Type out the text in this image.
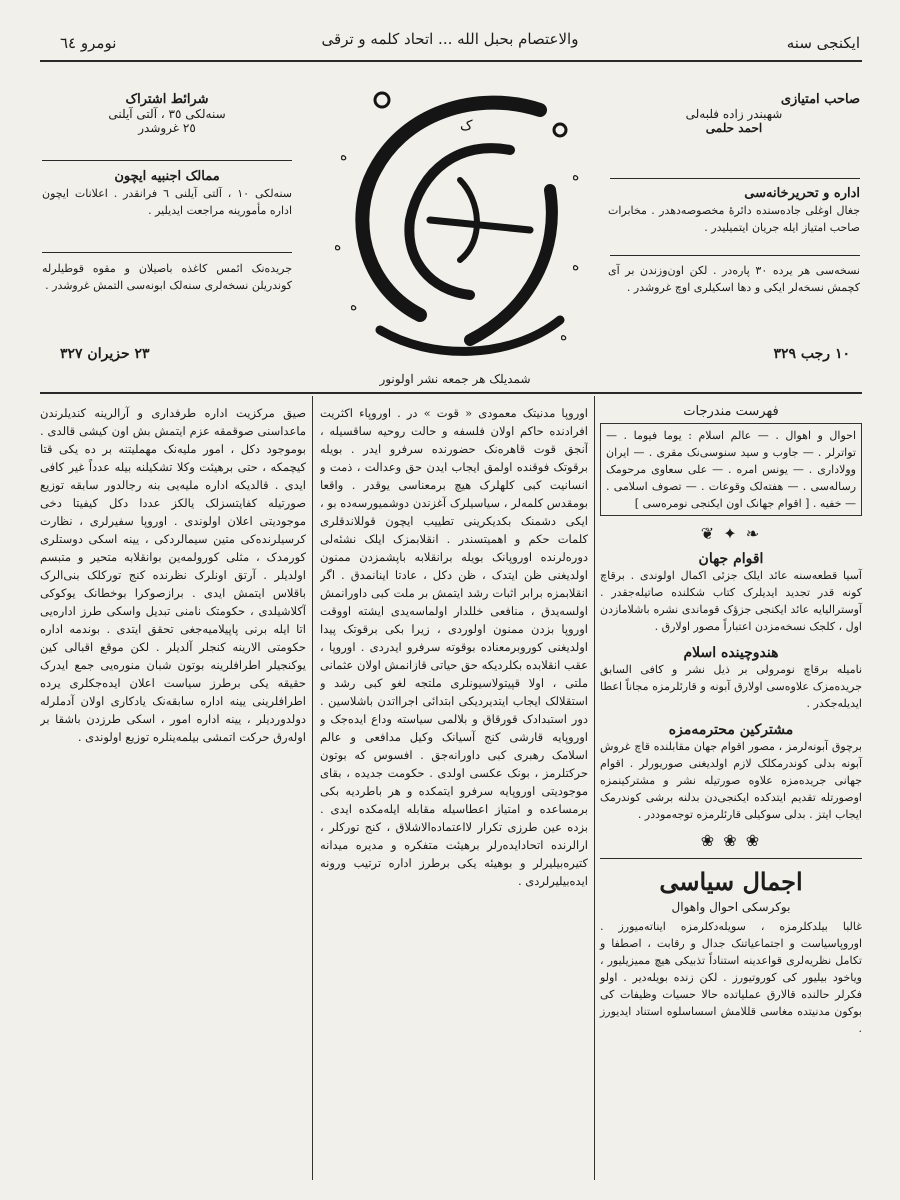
والاعتصام بحبل الله ... اتحاد کلمه و ترقی	ایکنجی سنه
نومرو ٦٤
صاحب امتیازی
شهبندر زاده فلبه‌لی
احمد حلمی
اداره و تحریرخانه‌سی
جغال اوغلی جاده‌سنده دائرهٔ مخصوصه‌دهدر . مخابرات صاحب امتیاز ایله جریان ایتمیلیدر .
نسخه‌سی هر یرده ٣٠ پاره‌در . لکن اون‌وزندن بر آی کچمش نسخه‌لر ایکی و دها اسکیلری اوچ غروشدر .
١٠ رجب ٣٢٩
شرائط اشتراک
سنه‌لکی ٣٥ ، آلتی آیلنی
٢٥ غروشدر
ممالک اجنبیه ایچون
سنه‌لکی ١٠ ، آلتی آیلنی ٦ فرانقدر . اعلانات ایچون اداره مأمورینه مراجعت ایدیلیر .
جریده‌نک ائمس کاغذه باصیلان و مقوه قوطیلرله کوندریلن نسخه‌لری سنه‌لک ابونه‌سی التمش غروشدر .
٢٣ حزیران ٣٢٧
ه
ه
ه
ه
ه
ه
ک
شمدیلک هر جمعه نشر اولونور
فهرست مندرجات
احوال و اهوال . — عالم اسلام : یوما فیوما . — تواترلر . — جاوب و سید سنوسی‌نک مقری . — ایران وولاداری . — یونس امره . — علی سعاوی مرحومک رساله‌سی . — هفته‌لک وقوعات . — تصوف اسلامی . — خفیه . [ اقوام جهانک اون ایکنجی نومره‌سی ]
❦ ✦ ❧
اقوام جهان
آسیا قطعه‌سنه عائد ایلک جزئی اکمال اولوندی . برقاچ کونه قدر تجدید ایدیلرک کتاب شکلنده صاتیله‌جقدر . آوسترالیایه عائد ایکنجی جزؤک قوماندی نشره باشلامازدن اول ، کلجک نسخه‌مزدن اعتباراً مصور اولارق .
هندوچینده اسلام
نامیله برقاچ نومرولی بر ذیل نشر و کافی السابق جریده‌مزک علاوه‌سی اولارق آبونه و قارئلرمزه مجاناً اعطا ایدیله‌جکدر .
مشترکین محترمه‌مزه
برچوق آبونه‌لرمز ، مصور اقوام جهان مقابلنده قاچ غروش آبونه بدلی کوندرمکلک لازم اولدیغنی صوریورلر . اقوام جهانی جریده‌مزه علاوه صورتیله نشر و مشترکینمزه اوصورتله تقدیم ایتدکده ایکنجی‌دن بدلنه برشی کوندرمک ایجاب ایتز . بدلی سوکیلی قارئلرمزه توجه‌موددر .
❀ ❀ ❀
اجمال سیاسی
بوکرسکی احوال واهوال
غالبا بیلدکلرمزه ، سویله‌دکلرمزه ایناته‌میورز . اوروپاسیاست و اجتماعیاتنک جدال و رقابت ، اصطفا و تکامل نظریه‌لری قواعدینه استناداً تذبیکی هیچ ممیزیلیور ، ویاخود بیلیور کی کوروتیورز . لکن زنده بویله‌دیر . اولو فکرلر حالنده قالارق عملیاتده حالا حسیات وظیفات کی بوکون مدنیتده مغاسی قللامش اسساسلوه استناد ایدیورز .
اوروپا مدنیتک معمودی « قوت » در . اوروپاء اکثریت افرادنده حاکم اولان فلسفه و حالت روحیه ساقسیله ، آنجق قوت قاهره‌نک حضورنده سرفرو ایدر . بویله برقوتک فوقنده اولمق ایجاب ایدن حق وعدالت ، ذمت و انسانیت کبی کلهلرک هیچ برمعناسی یوقدر . واقعا بومقدس کلمه‌لر ، سیاسیلرک آغزندن دوشمیورسه‌ده بو ، ایکی دشمنک بکدیکرینی تطییب ایچون قوللاندقلری کلمات حکم و اهمیتسندر . انقلابمزک ایلک نشئه‌لی دوره‌لرنده اوروپانک بویله برانقلابه باپشمزدن ممنون اولدیغنی ظن ایتدک ، ظن دکل ، عادتا اینانمدق . اگر انقلابمزه برابر اثبات رشد ایتمش بر ملت کبی داورانمش اولسه‌یدق ، منافعی خللدار اولماسه‌یدی ایشته اووقت اوروپا بزدن ممنون اولوردی ، زیرا بکی برقوتک پیدا اولدیغنی کوروبرمعناده بوقوته سرفرو ایدردی . اوروپا ، عقب انقلابده بکلردیکه حق حیاتی قازانمش اولان عثمانی ملتی ، اولا قپیتولاسیونلری ملتجه لغو کبی رشد و استقلالک ایجاب ایتدیردیکی ابتدائی اجرااتدن باشلاسین . دور استبدادک قورقاق و بلالمی سیاسته وداع ایده‌جک و اوروپایه قارشی کنج آسیانک وکیل مدافعی و عالم اسلامک رهبری کبی داورانه‌جق . افسوس که بوتون حرکتلرمز ، بونک عکسی اولدی . حکومت جدیده ، بقای موجودیتی اوروپایه سرفرو ایتمکده و هر باطردیه بکی برمساعده و امتیاز اعطاسیله مقابله ایله‌مکده ایدی . بزده عین طرزی تکرار لااعتماده‌الاشلاق ، کنج تورکلر ، ارالرنده اتحادایده‌رلر برهیئت متفکره و مدیره میدانه کتیره‌بیلیرلر و بوهیئه یکی برطرز اداره ترتیب ورونه ایده‌بیلیرلردی .
صیق مرکزیت اداره طرفداری و آرالرینه کندیلرندن ماعداسنی صوقمقه عزم ایتمش بش اون کیشی قالدی . بوموجود دکل ، امور ملیه‌نک مهملیتنه بر ده یکی قتا کیچمکه ، حتی برهیئت وکلا تشکیلنه بیله عدداً غیر کافی ایدی . قالدیکه اداره ملیه‌یی بنه رجالدور سابقه توزیع صورتیله کفایتسزلک یالکز عددا دکل کیفیتا دخی موجودیتی اعلان اولوندی . اوروپا سفیرلری ، نظارت کرسیلرنده‌کی متین سیمالردکی ، یینه اسکی دوستلری کورمدک ، مثلی کورولمه‌ین بوانقلابه متحیر و متبسم اولدیلر . آرتق اونلرک نظرنده کنج تورکلک بنی‌الرک باقلاس ایتمش ایدی . برازصوکرا بوخطانک یوکوکی آکلاشیلدی ، حکومتک نامنی تبدیل واسکی طرز اداره‌یی اتا ایله برنی پاپیلامیه‌جغی تحقق ایتدی . بوندمه اداره حکومتی الارینه کنجلر آلدیلر . لکن موقع اقبالی کین یوکنجیلر اطرافلرینه بوتون شبان منوره‌یی جمع ایدرک حقیقه یکی برطرز سیاست اعلان ایده‌جکلری یرده اطرافلرینی یینه اداره سابقه‌نک یادکاری اولان آدملرله دولدوردیلر ، یینه اداره امور ، اسکی طرزدن باشقا بر اوله‌رق حرکت اتمشی بیلمه‌ینلره توزیع اولوندی .
